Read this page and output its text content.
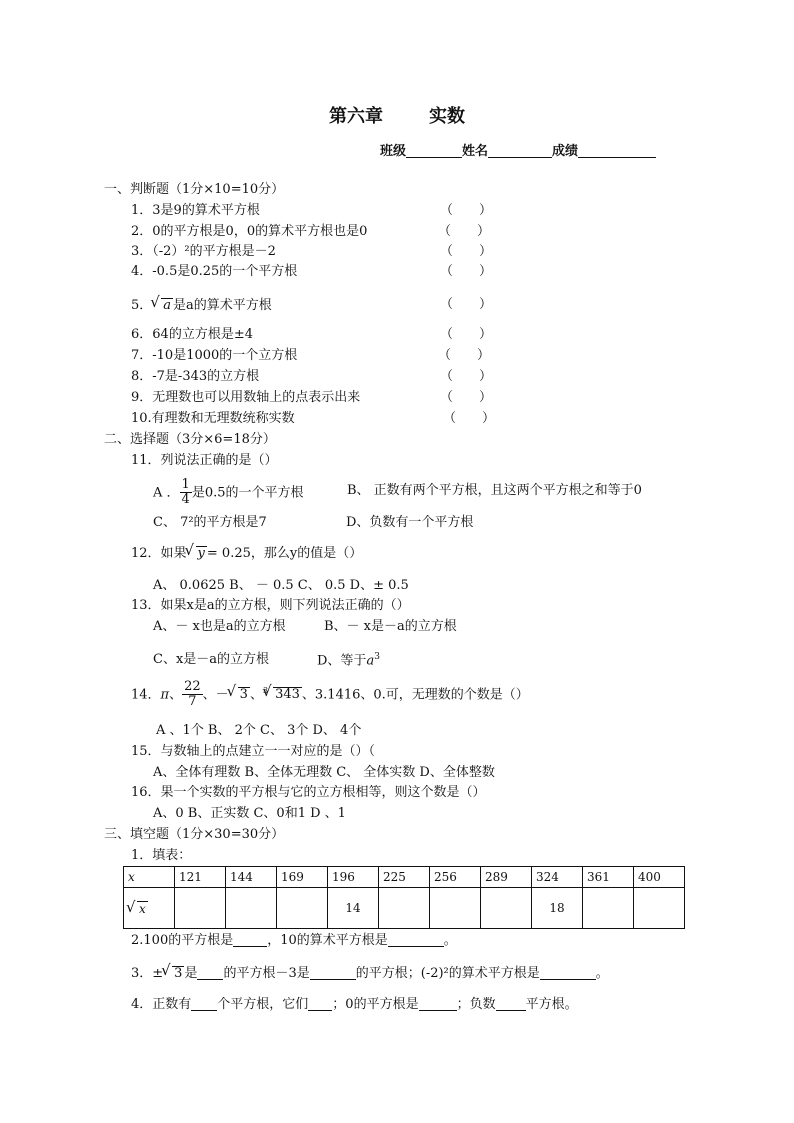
第六章	实数
班级	姓名	成绩
一、判断题（1分×10=10分）
1．3是9的算术平方根	（　　）
2．0的平方根是0，0的算术平方根也是0	（　　）
3．（-2）²的平方根是－2	（　　）
4．-0.5是0.25的一个平方根	（　　）
5． √ a 是a的算术平方根	（　　）
6．64的立方根是±4	（　　）
7．-10是1000的一个立方根	（　　）
8．-7是-343的立方根	（　　）
9．无理数也可以用数轴上的点表示出来	（　　）
10.有理数和无理数统称实数	（　　）
二、选择题（3分×6=18分）
11．列说法正确的是（）
A ． $\frac{1}{4}$ 是0.5的一个平方根	B、 正数有两个平方根，且这两个平方根之和等于0
C、 7²的平方根是7	D、负数有一个平方根
12．如果 √ y = 0.25，那么y的值是（）
A、 0.0625 B、 － 0.5 C、 0.5 D、± 0.5
13．如果x是a的立方根，则下列说法正确的（）
A、－ x也是a的立方根	B、－ x是－a的立方根
C、x是－a的立方根	D、等于$a^3$
14．π、 $\frac{22}{7}$ 、－ √ 3 、$^3$ √ 343 、3.1416、0.可，无理数的个数是（）
A 、1个 B、 2个 C、 3个 D、 4个
15．与数轴上的点建立一一对应的是（）（
A、全体有理数 B、全体无理数 C、 全体实数 D、全体整数
16．果一个实数的平方根与它的立方根相等，则这个数是（）
A、0 B、正实数 C、0和1 D 、1
三、填空题（1分×30=30分）
1．填表：
x	121	144	169	196	225	256	289	324	361	400
√ x				14				18		
2.100的平方根是	，10的算术平方根是	。
3．± √ 3 是 的平方根－3是	的平方根；(-2)²的算术平方根是	。
4．正数有 个平方根，它们 ；0的平方根是	；负数 平方根。
